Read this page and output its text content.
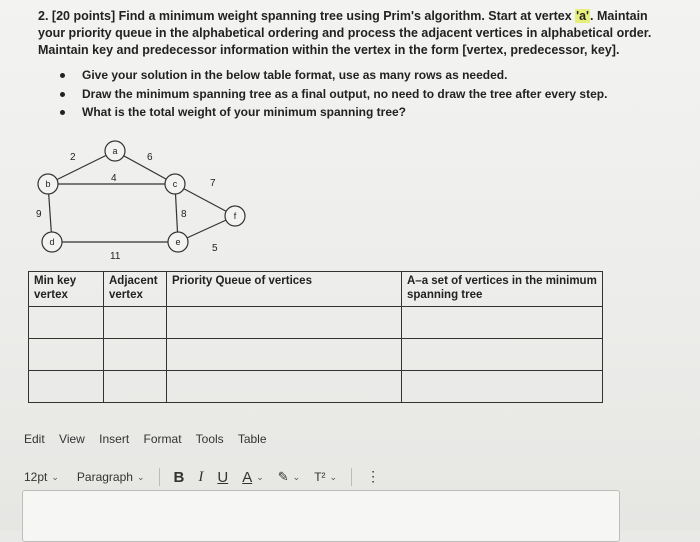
2. [20 points] Find a minimum weight spanning tree using Prim's algorithm. Start at vertex 'a'. Maintain your priority queue in the alphabetical ordering and process the adjacent vertices in alphabetical order. Maintain key and predecessor information within the vertex in the form [vertex, predecessor, key].
Give your solution in the below table format, use as many rows as needed.
Draw the minimum spanning tree as a final output, no need to draw the tree after every step.
What is the total weight of your minimum spanning tree?
2	6
4
9	8
7
11
5
a
b	c
d	e
f
Min key vertex	Adjacent vertex	Priority Queue of vertices	A–a set of vertices in the minimum spanning tree

Edit View Insert Format Tools Table
12pt ⌄ Paragraph ⌄ B I U A ⌄ ✎ ⌄ T² ⌄ ⋮
